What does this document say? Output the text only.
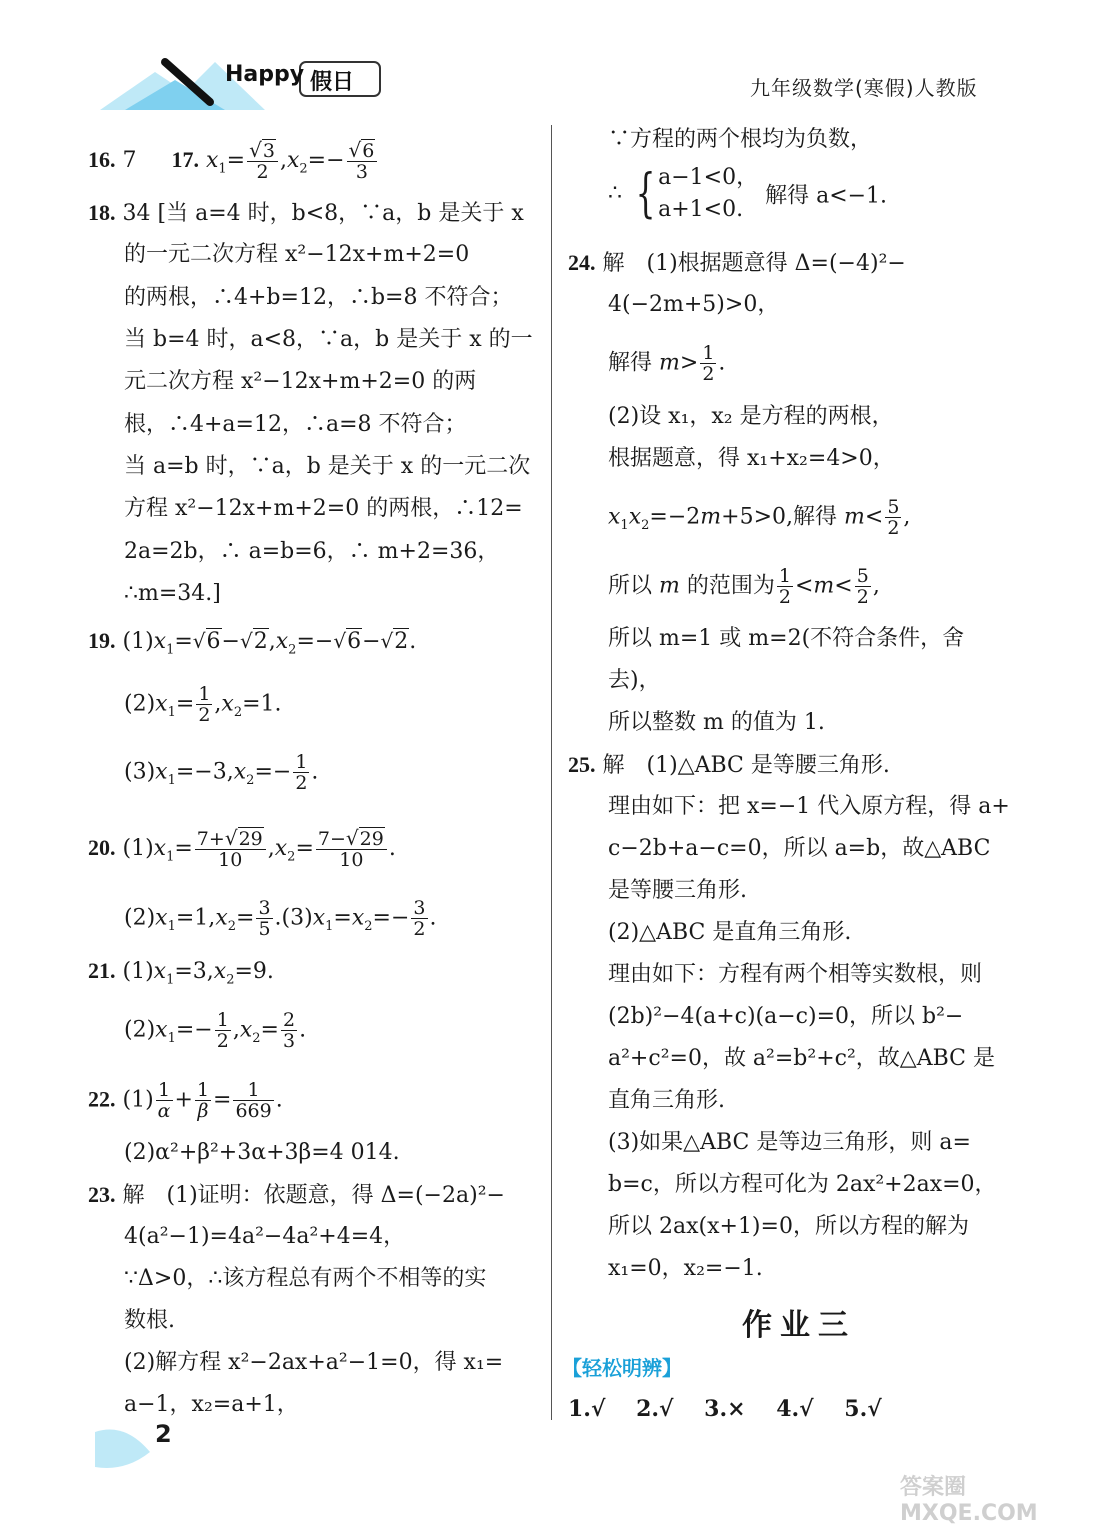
Happy 假日	九年级数学(寒假)人教版
16. 7 17. $x_1= \frac{√3}{2} ,x_2=- \frac{√6}{3}$
18. 34 [当 a=4 时，b<8，∵a，b 是关于 x
的一元二次方程 x²−12x+m+2=0
的两根，∴4+b=12，∴b=8 不符合；
当 b=4 时，a<8，∵a，b 是关于 x 的一
元二次方程 x²−12x+m+2=0 的两
根，∴4+a=12，∴a=8 不符合；
当 a=b 时，∵a，b 是关于 x 的一元二次
方程 x²−12x+m+2=0 的两根，∴12=
2a=2b，∴ a=b=6，∴ m+2=36，
∴m=34.]
19. $(1)x_1=√6-√2,x_2=-√6-√2$.
$(2)x_1= \frac{1}{2} ,x_2=1$.
$(3)x_1=-3,x_2=- \frac{1}{2}$ .
20. $(1)x_1= \frac{7+√29}{10} ,x_2= \frac{7-√29}{10}$ .
$(2)x_1=1,x_2= \frac{3}{5} .(3)x_1=x_2=- \frac{3}{2}$ .
21. $(1)x_1=3,x_2=9$.
$(2)x_1=- \frac{1}{2} ,x_2= \frac{2}{3}$ .
22. $(1) \frac{1}{\alpha} + \frac{1}{\beta} = \frac{1}{669}$ .
(2)α²+β²+3α+3β=4 014.
23. 解　(1)证明：依题意，得 Δ=(−2a)²−
4(a²−1)=4a²−4a²+4=4，
∵Δ>0，∴该方程总有两个不相等的实
数根.
(2)解方程 x²−2ax+a²−1=0，得 x₁=
a−1，x₂=a+1，
∵方程的两个根均为负数，
∴ { a−1<0，
a+1<0. 解得 a<−1.
24. 解　(1)根据题意得 Δ=(−4)²−
4(−2m+5)>0，
解得 $m> \frac{1}{2}$ .
(2)设 x₁，x₂ 是方程的两根，
根据题意，得 x₁+x₂=4>0，
$x_1x_2=-2m+5>0$,解得 $m< \frac{5}{2}$ ,
所以 m 的范围为 $\frac{1}{2} <m< \frac{5}{2}$ ,
所以 m=1 或 m=2(不符合条件，舍
去)，
所以整数 m 的值为 1.
25. 解　(1)△ABC 是等腰三角形.
理由如下：把 x=−1 代入原方程，得 a+
c−2b+a−c=0，所以 a=b，故△ABC
是等腰三角形.
(2)△ABC 是直角三角形.
理由如下：方程有两个相等实数根，则
(2b)²−4(a+c)(a−c)=0，所以 b²−
a²+c²=0，故 a²=b²+c²，故△ABC 是
直角三角形.
(3)如果△ABC 是等边三角形，则 a=
b=c，所以方程可化为 2ax²+2ax=0，
所以 2ax(x+1)=0，所以方程的解为
x₁=0，x₂=−1.
作业三
【轻松明辨】
1.√ 2.√ 3.× 4.√ 5.√
2
答案圈 MXQE.COM
